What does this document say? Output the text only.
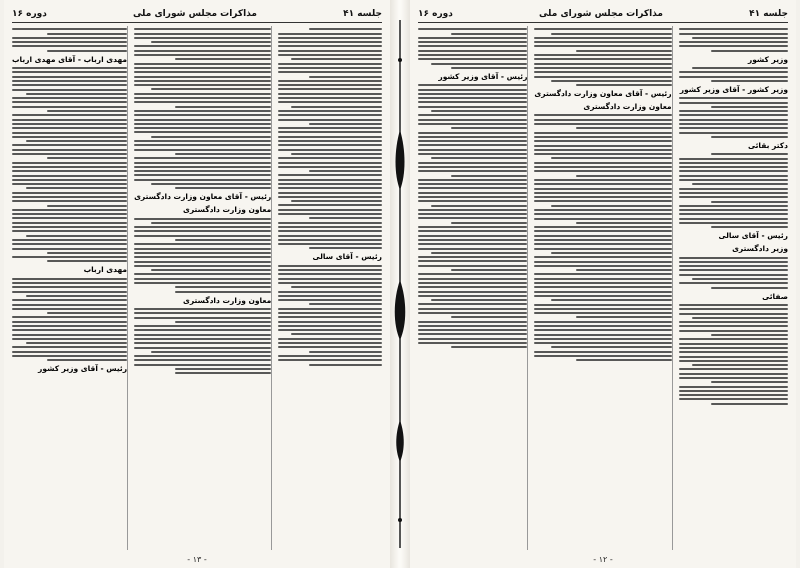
جلسه ۴۱
مذاکرات مجلس شورای ملی
دوره ۱۶
رئیس - آقای سالی
رئیس - آقای معاون وزارت دادگستری
معاون وزارت دادگستری
معاون وزارت دادگستری
مهدی ارباب - آقای مهدی ارباب
مهدی ارباب
رئیس - آقای وزیر کشور
- ۱۳ -
جلسه ۴۱
مذاکرات مجلس شورای ملی
دوره ۱۶
وزیر کشور
وزیر کشور - آقای وزیر کشور
دکتر بقائی
رئیس - آقای سالی
وزیر دادگستری
صفائی
رئیس - آقای معاون وزارت دادگستری
معاون وزارت دادگستری
رئیس - آقای وزیر کشور
- ۱۲ -
